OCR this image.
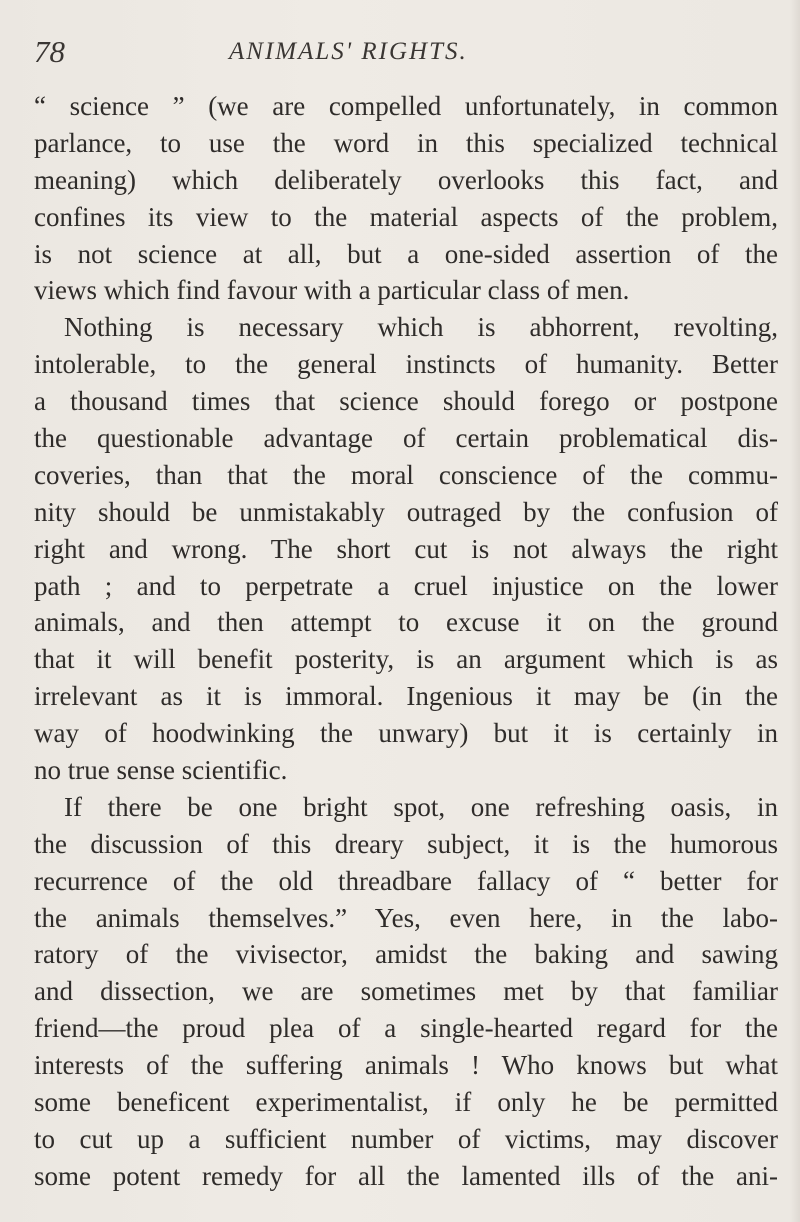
78	ANIMALS' RIGHTS.
“ science ” (we are compelled unfortunately, in common
parlance, to use the word in this specialized technical
meaning) which deliberately overlooks this fact, and
confines its view to the material aspects of the problem,
is not science at all, but a one-sided assertion of the
views which find favour with a particular class of men.
Nothing is necessary which is abhorrent, revolting,
intolerable, to the general instincts of humanity. Better
a thousand times that science should forego or postpone
the questionable advantage of certain problematical dis-
coveries, than that the moral conscience of the commu-
nity should be unmistakably outraged by the confusion of
right and wrong. The short cut is not always the right
path ; and to perpetrate a cruel injustice on the lower
animals, and then attempt to excuse it on the ground
that it will benefit posterity, is an argument which is as
irrelevant as it is immoral. Ingenious it may be (in the
way of hoodwinking the unwary) but it is certainly in
no true sense scientific.
If there be one bright spot, one refreshing oasis, in
the discussion of this dreary subject, it is the humorous
recurrence of the old threadbare fallacy of “ better for
the animals themselves.” Yes, even here, in the labo-
ratory of the vivisector, amidst the baking and sawing
and dissection, we are sometimes met by that familiar
friend—the proud plea of a single-hearted regard for the
interests of the suffering animals ! Who knows but what
some beneficent experimentalist, if only he be permitted
to cut up a sufficient number of victims, may discover
some potent remedy for all the lamented ills of the ani-
